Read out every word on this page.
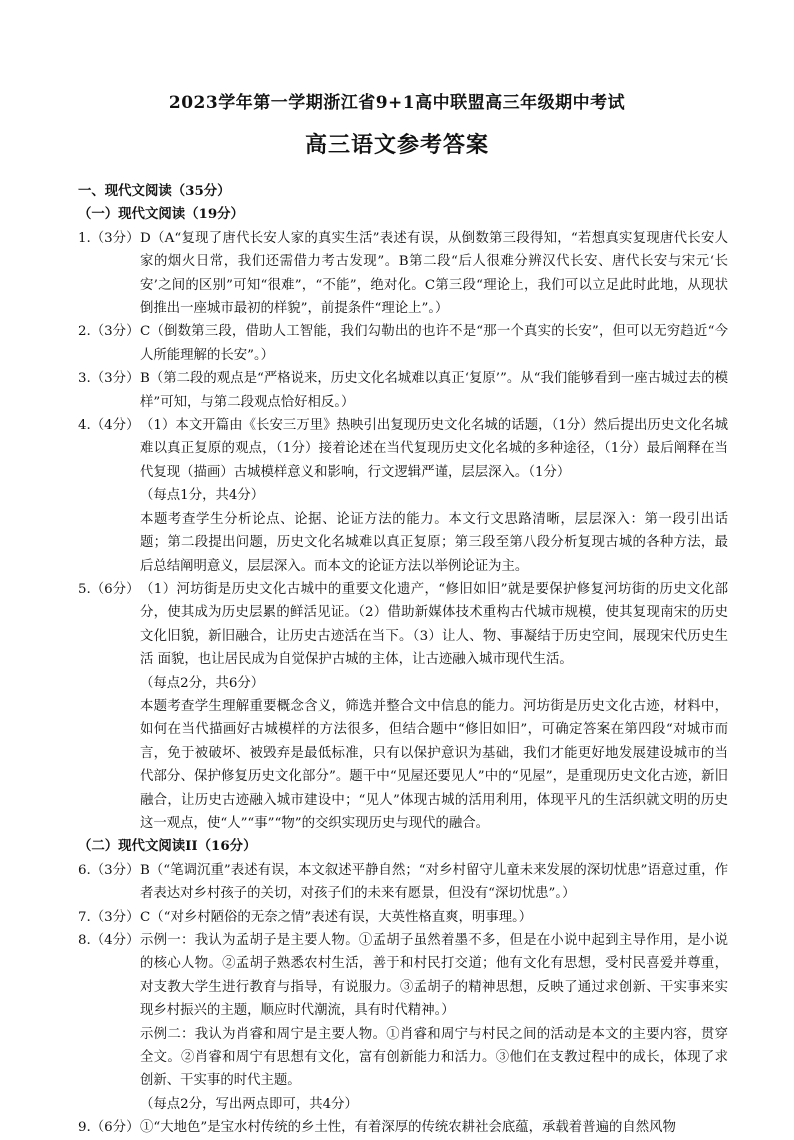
2023学年第一学期浙江省9+1高中联盟高三年级期中考试
高三语文参考答案
一、现代文阅读（35分）
（一）现代文阅读（19分）
1.（3分） D（A“复现了唐代长安人家的真实生活”表述有误，从倒数第三段得知，“若想真实复现唐代长安人家的烟火日常，我们还需借力考古发现”。B第二段“后人很难分辨汉代长安、唐代长安与宋元‘长安’之间的区别”可知“很难”，“不能”，绝对化。C第三段“理论上，我们可以立足此时此地，从现状倒推出一座城市最初的样貌”，前提条件“理论上”。）
2.（3分） C（倒数第三段，借助人工智能，我们勾勒出的也许不是“那一个真实的长安”，但可以无穷趋近“今人所能理解的长安”。）
3.（3分） B（第二段的观点是“严格说来，历史文化名城难以真正‘复原’”。从“我们能够看到一座古城过去的模样”可知，与第二段观点恰好相反。）
4.（4分） （1）本文开篇由《长安三万里》热映引出复现历史文化名城的话题，（1分）然后提出历史文化名城难以真正复原的观点，（1分）接着论述在当代复现历史文化名城的多种途径，（1分）最后阐释在当代复现（描画）古城模样意义和影响，行文逻辑严谨，层层深入。（1分）

（每点1分，共4分）

本题考查学生分析论点、论据、论证方法的能力。本文行文思路清晰，层层深入：第一段引出话题；第二段提出问题，历史文化名城难以真正复原；第三段至第八段分析复现古城的各种方法，最后总结阐明意义，层层深入。而本文的论证方法以举例论证为主。

5.（6分） （1）河坊街是历史文化古城中的重要文化遗产，“修旧如旧”就是要保护修复河坊街的历史文化部分，使其成为历史层累的鲜活见证。（2）借助新媒体技术重构古代城市规模，使其复现南宋的历史文化旧貌，新旧融合，让历史古迹活在当下。（3）让人、物、事凝结于历史空间，展现宋代历史生活 面貌，也让居民成为自觉保护古城的主体，让古迹融入城市现代生活。

（每点2分，共6分）

本题考查学生理解重要概念含义，筛选并整合文中信息的能力。河坊街是历史文化古迹，材料中，如何在当代描画好古城模样的方法很多，但结合题中“修旧如旧”，可确定答案在第四段“对城市而言，免于被破坏、被毁弃是最低标准，只有以保护意识为基础，我们才能更好地发展建设城市的当代部分、保护修复历史文化部分”。题干中“见屋还要见人”中的“见屋”，是重现历史文化古迹，新旧融合，让历史古迹融入城市建设中；“见人”体现古城的活用利用，体现平凡的生活织就文明的历史这一观点，使“人”“事”“物”的交织实现历史与现代的融合。

（二）现代文阅读II（16分）
6.（3分） B（“笔调沉重”表述有误，本文叙述平静自然；“对乡村留守儿童未来发展的深切忧患”语意过重，作者表达对乡村孩子的关切，对孩子们的未来有愿景，但没有“深切忧患”。）
7.（3分） C（“对乡村陋俗的无奈之情”表述有误，大英性格直爽，明事理。）
8.（4分） 示例一：我认为孟胡子是主要人物。①孟胡子虽然着墨不多，但是在小说中起到主导作用，是小说的核心人物。②孟胡子熟悉农村生活，善于和村民打交道；他有文化有思想，受村民喜爱并尊重，对支教大学生进行教育与指导，有说服力。③孟胡子的精神思想，反映了通过求创新、干实事来实现乡村振兴的主题，顺应时代潮流，具有时代精神。）

示例二：我认为肖睿和周宁是主要人物。①肖睿和周宁与村民之间的活动是本文的主要内容，贯穿全文。②肖睿和周宁有思想有文化，富有创新能力和活力。③他们在支教过程中的成长，体现了求创新、干实事的时代主题。

（每点2分，写出两点即可，共4分）

9.（6分） ①“大地色”是宝水村传统的乡土性，有着深厚的传统农耕社会底蕴，承载着普遍的自然风物
